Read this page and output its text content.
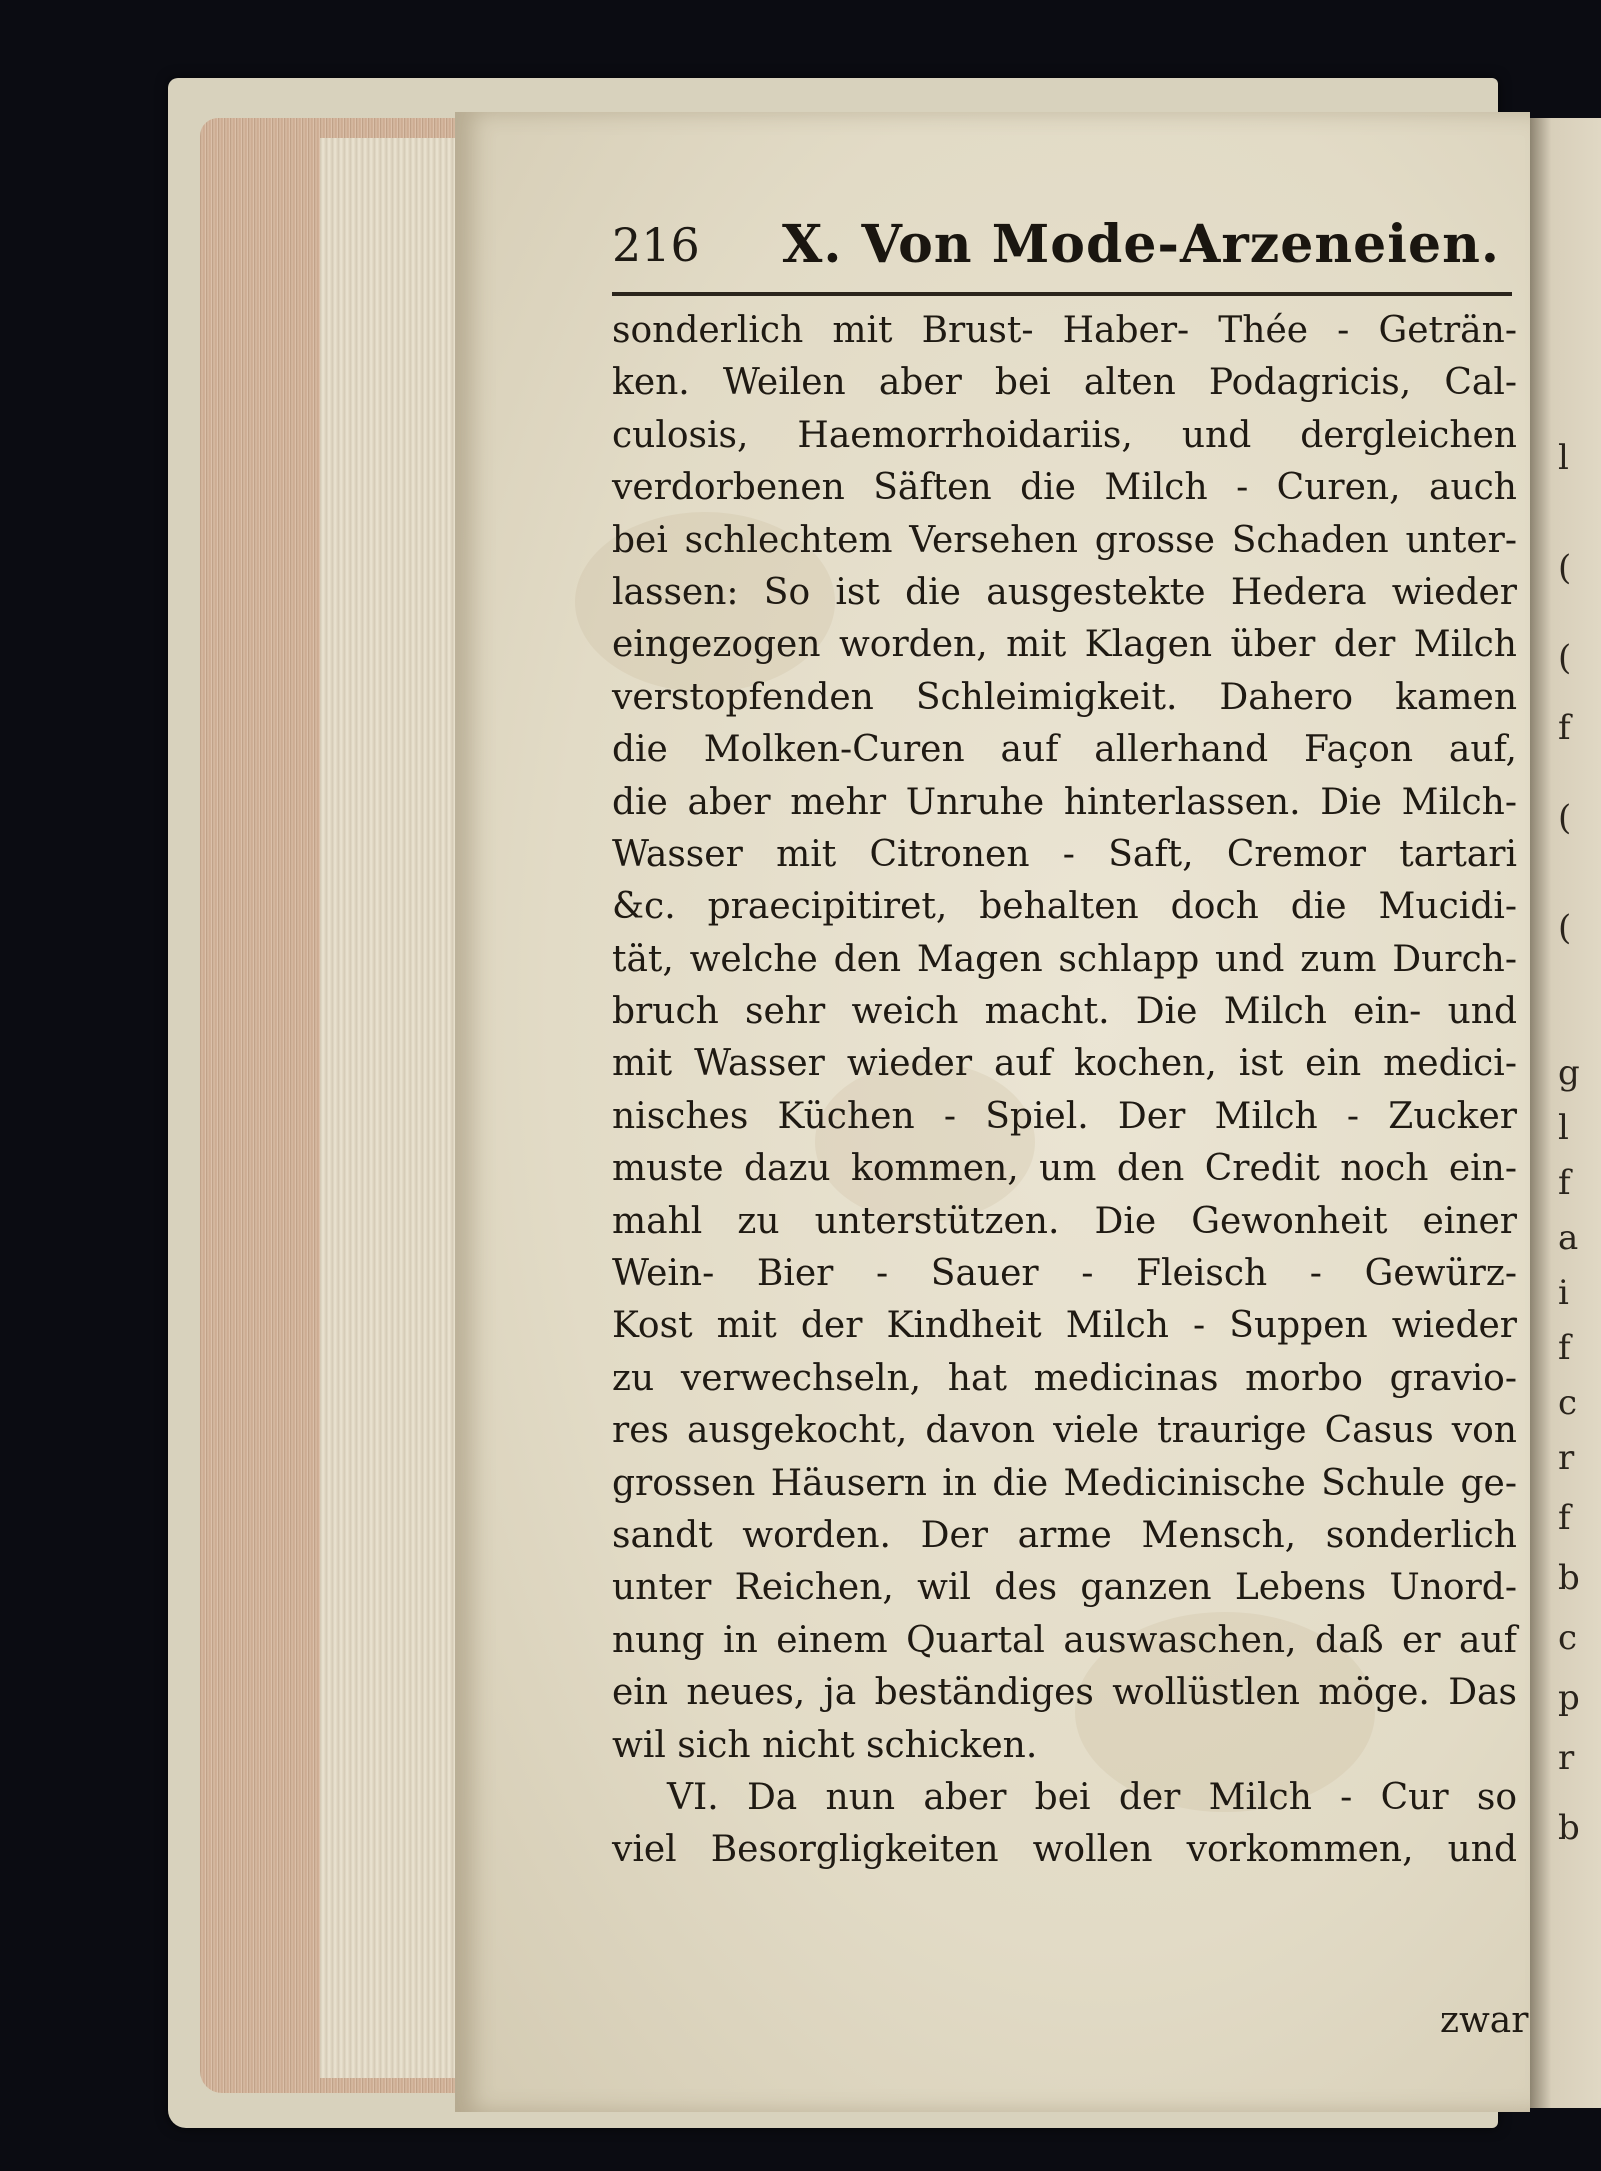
l
(
(
f
(
(
g
l
f
a
i
f
c
r
f
b
c
p
r
b
216 X. Von Mode-Arzeneien.
sonderlich mit Brust- Haber- Thée - Geträn-
ken. Weilen aber bei alten Podagricis, Cal-
culosis, Haemorrhoidariis, und dergleichen
verdorbenen Säften die Milch - Curen, auch
bei schlechtem Versehen grosse Schaden unter-
lassen: So ist die ausgestekte Hedera wieder
eingezogen worden, mit Klagen über der Milch
verstopfenden Schleimigkeit. Dahero kamen
die Molken-Curen auf allerhand Façon auf,
die aber mehr Unruhe hinterlassen. Die Milch-
Wasser mit Citronen - Saft, Cremor tartari
&c. praecipitiret, behalten doch die Mucidi-
tät, welche den Magen schlapp und zum Durch-
bruch sehr weich macht. Die Milch ein- und
mit Wasser wieder auf kochen, ist ein medici-
nisches Küchen - Spiel. Der Milch - Zucker
muste dazu kommen, um den Credit noch ein-
mahl zu unterstützen. Die Gewonheit einer
Wein- Bier - Sauer - Fleisch - Gewürz-
Kost mit der Kindheit Milch - Suppen wieder
zu verwechseln, hat medicinas morbo gravio-
res ausgekocht, davon viele traurige Casus von
grossen Häusern in die Medicinische Schule ge-
sandt worden. Der arme Mensch, sonderlich
unter Reichen, wil des ganzen Lebens Unord-
nung in einem Quartal auswaschen, daß er auf
ein neues, ja beständiges wollüstlen möge. Das
wil sich nicht schicken.
VI. Da nun aber bei der Milch - Cur so
viel Besorgligkeiten wollen vorkommen, und
zwar
